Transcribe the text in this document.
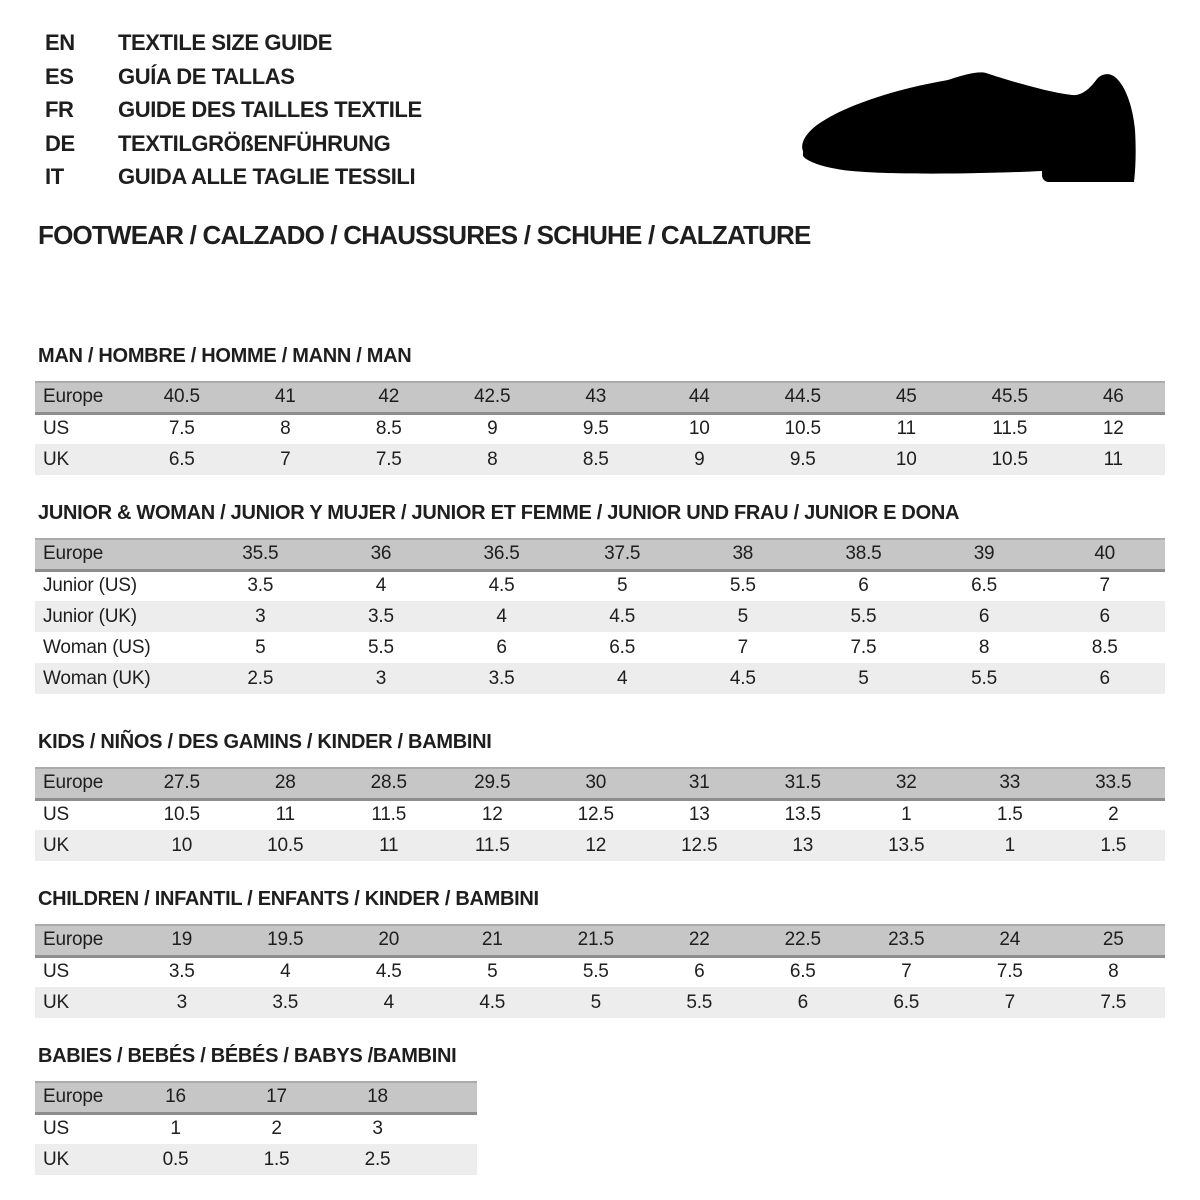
EN	TEXTILE SIZE GUIDE
ES	GUÍA DE TALLAS
FR	GUIDE DES TAILLES TEXTILE
DE	TEXTILGRÖßENFÜHRUNG
IT	GUIDA ALLE TAGLIE TESSILI
FOOTWEAR / CALZADO / CHAUSSURES / SCHUHE / CALZATURE
MAN / HOMBRE / HOMME / MANN / MAN
Europe	40.5	41	42	42.5	43	44	44.5	45	45.5	46
US	7.5	8	8.5	9	9.5	10	10.5	11	11.5	12
UK	6.5	7	7.5	8	8.5	9	9.5	10	10.5	11
JUNIOR & WOMAN / JUNIOR Y MUJER / JUNIOR ET FEMME / JUNIOR UND FRAU / JUNIOR E DONA
Europe	35.5	36	36.5	37.5	38	38.5	39	40
Junior (US)	3.5	4	4.5	5	5.5	6	6.5	7
Junior (UK)	3	3.5	4	4.5	5	5.5	6	6
Woman (US)	5	5.5	6	6.5	7	7.5	8	8.5
Woman (UK)	2.5	3	3.5	4	4.5	5	5.5	6
KIDS / NIÑOS / DES GAMINS / KINDER / BAMBINI
Europe	27.5	28	28.5	29.5	30	31	31.5	32	33	33.5
US	10.5	11	11.5	12	12.5	13	13.5	1	1.5	2
UK	10	10.5	11	11.5	12	12.5	13	13.5	1	1.5
CHILDREN / INFANTIL / ENFANTS / KINDER / BAMBINI
Europe	19	19.5	20	21	21.5	22	22.5	23.5	24	25
US	3.5	4	4.5	5	5.5	6	6.5	7	7.5	8
UK	3	3.5	4	4.5	5	5.5	6	6.5	7	7.5
BABIES / BEBÉS / BÉBÉS / BABYS /BAMBINI
Europe	16	17	18	
US	1	2	3	
UK	0.5	1.5	2.5	
